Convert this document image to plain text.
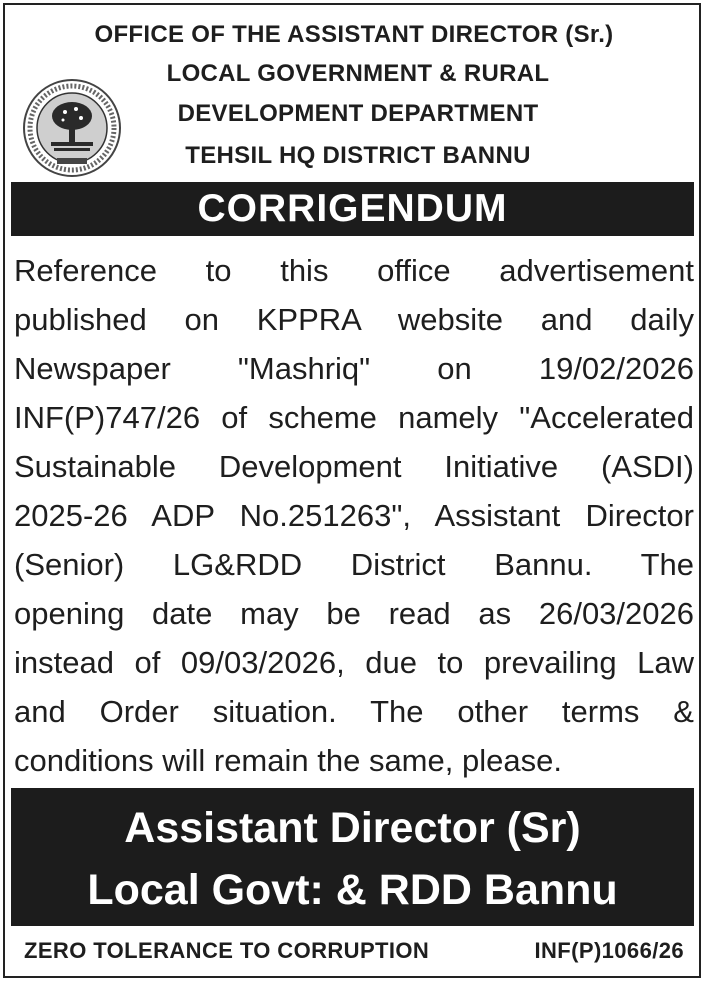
OFFICE OF THE ASSISTANT DIRECTOR (Sr.)
LOCAL GOVERNMENT & RURAL
DEVELOPMENT DEPARTMENT
TEHSIL HQ DISTRICT BANNU
CORRIGENDUM
Reference to this office advertisement
published on KPPRA website and daily
Newspaper "Mashriq" on 19/02/2026
INF(P)747/26 of scheme namely "Accelerated
Sustainable Development Initiative (ASDI)
2025-26 ADP No.251263", Assistant Director
(Senior) LG&RDD District Bannu. The
opening date may be read as 26/03/2026
instead of 09/03/2026, due to prevailing Law
and Order situation. The other terms &
conditions will remain the same, please.
Assistant Director (Sr)
Local Govt: & RDD Bannu
ZERO TOLERANCE TO CORRUPTION	INF(P)1066/26
